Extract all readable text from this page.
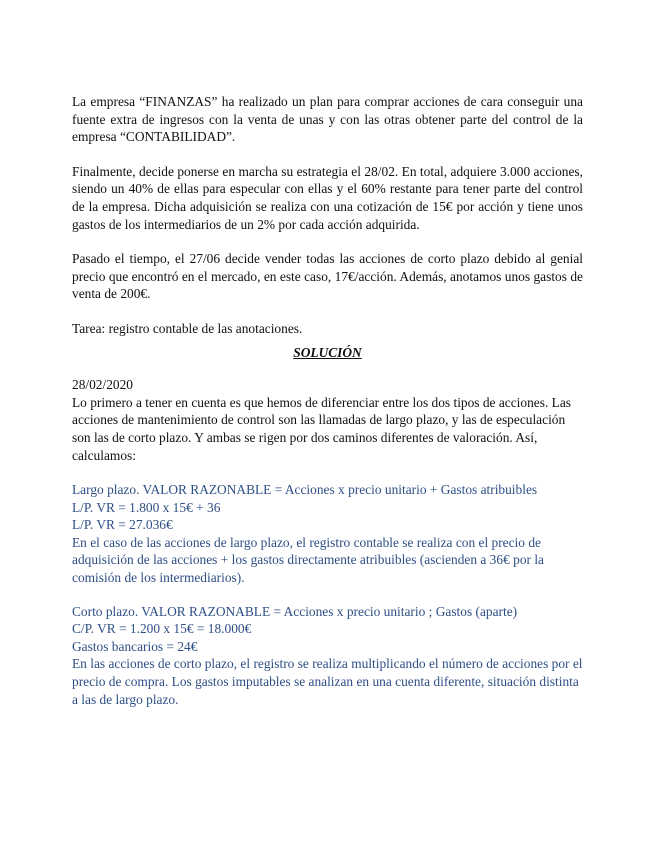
La empresa “FINANZAS” ha realizado un plan para comprar acciones de cara conseguir una fuente extra de ingresos con la venta de unas y con las otras obtener parte del control de la empresa “CONTABILIDAD”.

Finalmente, decide ponerse en marcha su estrategia el 28/02. En total, adquiere 3.000 acciones, siendo un 40% de ellas para especular con ellas y el 60% restante para tener parte del control de la empresa. Dicha adquisición se realiza con una cotización de 15€ por acción y tiene unos gastos de los intermediarios de un 2% por cada acción adquirida.

Pasado el tiempo, el 27/06 decide vender todas las acciones de corto plazo debido al genial precio que encontró en el mercado, en este caso, 17€/acción. Además, anotamos unos gastos de venta de 200€.

Tarea: registro contable de las anotaciones.

SOLUCIÓN

28/02/2020

Lo primero a tener en cuenta es que hemos de diferenciar entre los dos tipos de acciones. Las acciones de mantenimiento de control son las llamadas de largo plazo, y las de especulación son las de corto plazo. Y ambas se rigen por dos caminos diferentes de valoración. Así, calculamos:

Largo plazo. VALOR RAZONABLE = Acciones x precio unitario + Gastos atribuibles

L/P. VR = 1.800 x 15€ + 36

L/P. VR = 27.036€

En el caso de las acciones de largo plazo, el registro contable se realiza con el precio de adquisición de las acciones + los gastos directamente atribuibles (ascienden a 36€ por la comisión de los intermediarios).

Corto plazo. VALOR RAZONABLE = Acciones x precio unitario ; Gastos (aparte)

C/P. VR = 1.200 x 15€ = 18.000€

Gastos bancarios = 24€

En las acciones de corto plazo, el registro se realiza multiplicando el número de acciones por el precio de compra. Los gastos imputables se analizan en una cuenta diferente, situación distinta a las de largo plazo.
